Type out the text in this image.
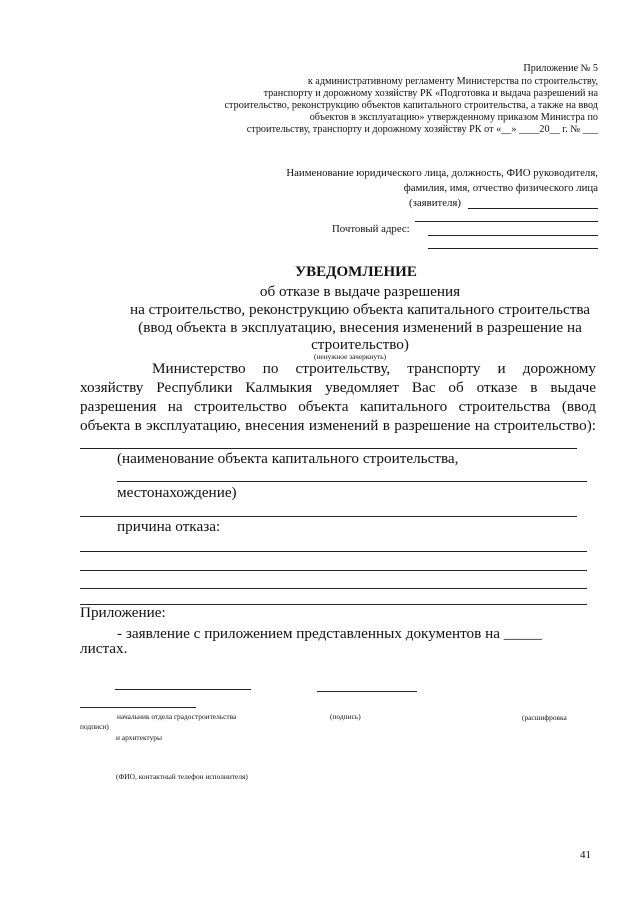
Приложение № 5
к административному регламенту Министерства по строительству,
транспорту и дорожному хозяйству РК «Подготовка и выдача разрешений на
строительство, реконструкцию объектов капитального строительства, а также на ввод
объектов в эксплуатацию» утвержденному приказом Министра по
строительству, транспорту и дорожному хозяйству РК от «__» ____20__ г. № ___
Наименование юридического лица, должность, ФИО руководителя,
фамилия, имя, отчество физического лица
(заявителя)
Почтовый адрес:
УВЕДОМЛЕНИЕ
об отказе в выдаче разрешения
на строительство, реконструкцию объекта капитального строительства
(ввод объекта в эксплуатацию, внесения изменений в разрешение на
строительство)
(ненужное зачеркнуть)
Министерство по строительству, транспорту и дорожному
хозяйству Республики Калмыкия уведомляет Вас об отказе в выдаче
разрешения на строительство объекта капитального строительства (ввод
объекта в эксплуатацию, внесения изменений в разрешение на строительство):
(наименование объекта капитального строительства,
местонахождение)
причина отказа:
Приложение:
- заявление с приложением представленных документов на _____
листах.
начальник отдела градостроительства	(подпись)	(расшифровка
подписи)
и архитектуры
(ФИО, контактный телефон исполнителя)
41
